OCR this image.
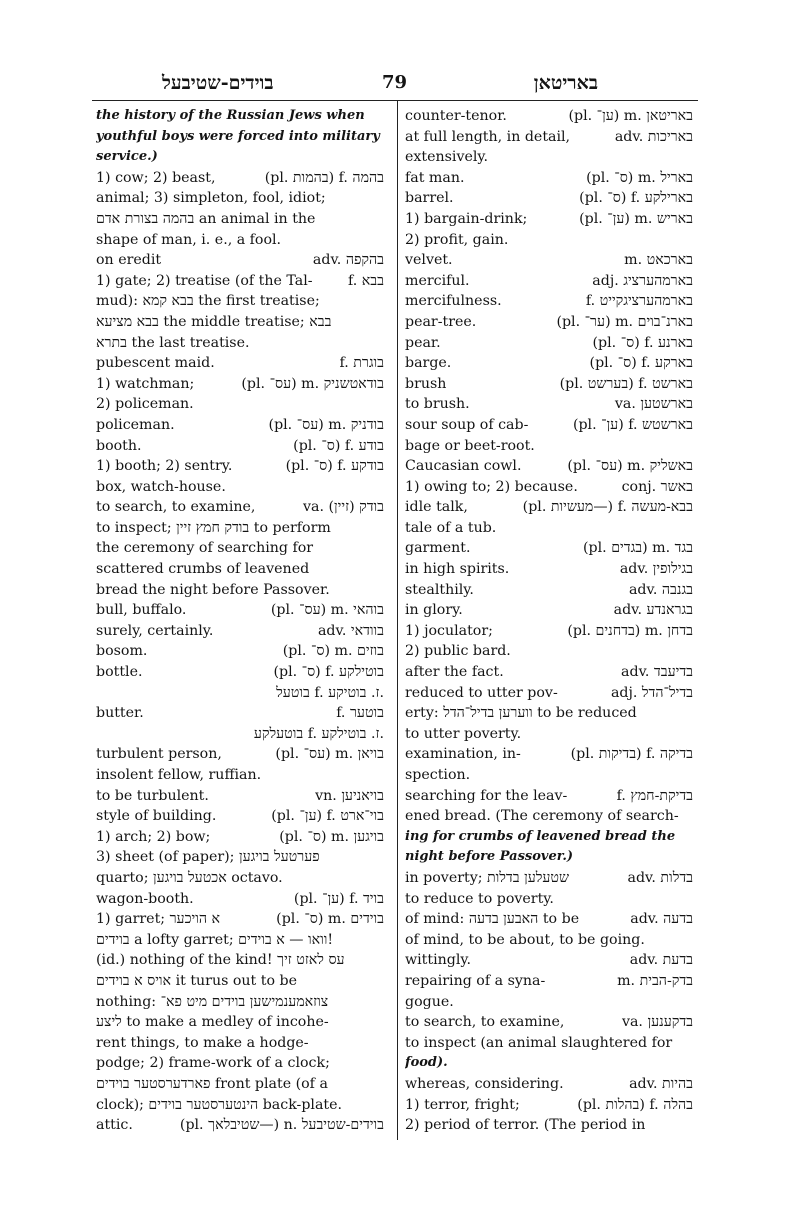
בוידים-שטיבעל	79	באריטאן
the history of the Russian Jews when
youthful boys were forced into military
service.)
1) cow; 2) beast,	(pl. בהמות) f. בהמה
animal; 3) simpleton, fool, idiot;
בהמה בצורת אדם an animal in the
shape of man, i. e., a fool.
on eredit	adv. בהקפה
1) gate; 2) treatise (of the Tal- f. בבא
mud): בבא קמא the first treatise;
בבא מציעא the middle treatise; בבא
בתרא the last treatise.
pubescent maid.	f. בוגרת
1) watchman;	(pl. עס־) m. בודאטשניק
2) policeman.
policeman.	(pl. עס־) m. בודניק
booth.	(pl. ס־) f. בודע
1) booth; 2) sentry.	(pl. ס־) f. בודקע
box, watch-house.
to search, to examine,	va. (זיין) בודק
to inspect; בודק חמץ זיין to perform
the ceremony of searching for
scattered crumbs of leavened
bread the night before Passover.
bull, buffalo.	(pl. עס־) m. בוהאי
surely, certainly.	adv. בוודאי
bosom.	(pl. ס־) m. בוזים
bottle.	(pl. ס־) f. בוטילקע
בוטעל f. ז. בוטיקע.
butter.	f. בוטער
בוטעלקע f. ז. בוטילקע.
turbulent person,	(pl. עס־) m. בויאן
insolent fellow, ruffian.
to be turbulent.	vn. בויאניען
style of building.	(pl. ען־) f. בוי־ארט
1) arch; 2) bow;	(pl. ס־) m. בויגען
3) sheet (of paper); פערטעל בויגען
quarto; אכטעל בויגען octavo.
wagon-booth.	(pl. ען־) f. בויד
1) garret; א הויכער	(pl. ס־) m. בוידים
בוידים a lofty garret; וואו — א בוידים!
(id.) nothing of the kind! עס לאזט זיך
אויס א בוידים it turus out to be
nothing: צוזאמענמישען בוידים מיט פא־
ליצע to make a medley of incohe-
rent things, to make a hodge-
podge; 2) frame-work of a clock;
פארדערסטער בוידים front plate (of a
clock); הינטערסטער בוידים back-plate.
attic.	(pl. שטיבלאך—) n. בוידים-שטיבעל
counter-tenor.	(pl. ען־) m. באריטאן
at full length, in detail,	adv. באריכות
extensively.
fat man.	(pl. ס־) m. באריל
barrel.	(pl. ס־) f. בארילקע
1) bargain-drink;	(pl. ען־) m. באריש
2) profit, gain.
velvet.	m. בארכאט
merciful.	adj. בארמהערציג
mercifulness.	f. בארמהערציגקייט
pear-tree.	(pl. ער־) m. בארנ־בוים
pear.	(pl. ס־) f. בארנע
barge.	(pl. ס־) f. בארקע
brush	(pl. בערשט) f. בארשט
to brush.	va. בארשטען
sour soup of cab-	(pl. ען־) f. בארשטש
bage or beet-root.
Caucasian cowl.	(pl. עס־) m. באשליק
1) owing to; 2) because.	conj. באשר
idle talk,	(pl. מעשיות—) f. בבא-מעשה
tale of a tub.
garment.	(pl. בגדים) m. בגד
in high spirits.	adv. בגילופין
stealthily.	adv. בגנבה
in glory.	adv. בגראנדע
1) joculator;	(pl. בדחנים) m. בדחן
2) public bard.
after the fact.	adv. בדיעבד
reduced to utter pov-	adj. בדיל־הדל
erty: ווערען בדיל־הדל to be reduced
to utter poverty.
examination, in-	(pl. בדיקות) f. בדיקה
spection.
searching for the leav-	f. בדיקת-חמץ
ened bread. (The ceremony of search-
ing for crumbs of leavened bread the
night before Passover.)
in poverty; שטעלען בדלות	adv. בדלות
to reduce to poverty.
of mind: האבען בדעה to be	adv. בדעה
of mind, to be about, to be going.
wittingly.	adv. בדעת
repairing of a syna-	m. בדק-הבית
gogue.
to search, to examine,	va. בדקענען
to inspect (an animal slaughtered for
food).
whereas, considering.	adv. בהיות
1) terror, fright;	(pl. בהלות) f. בהלה
2) period of terror. (The period in
